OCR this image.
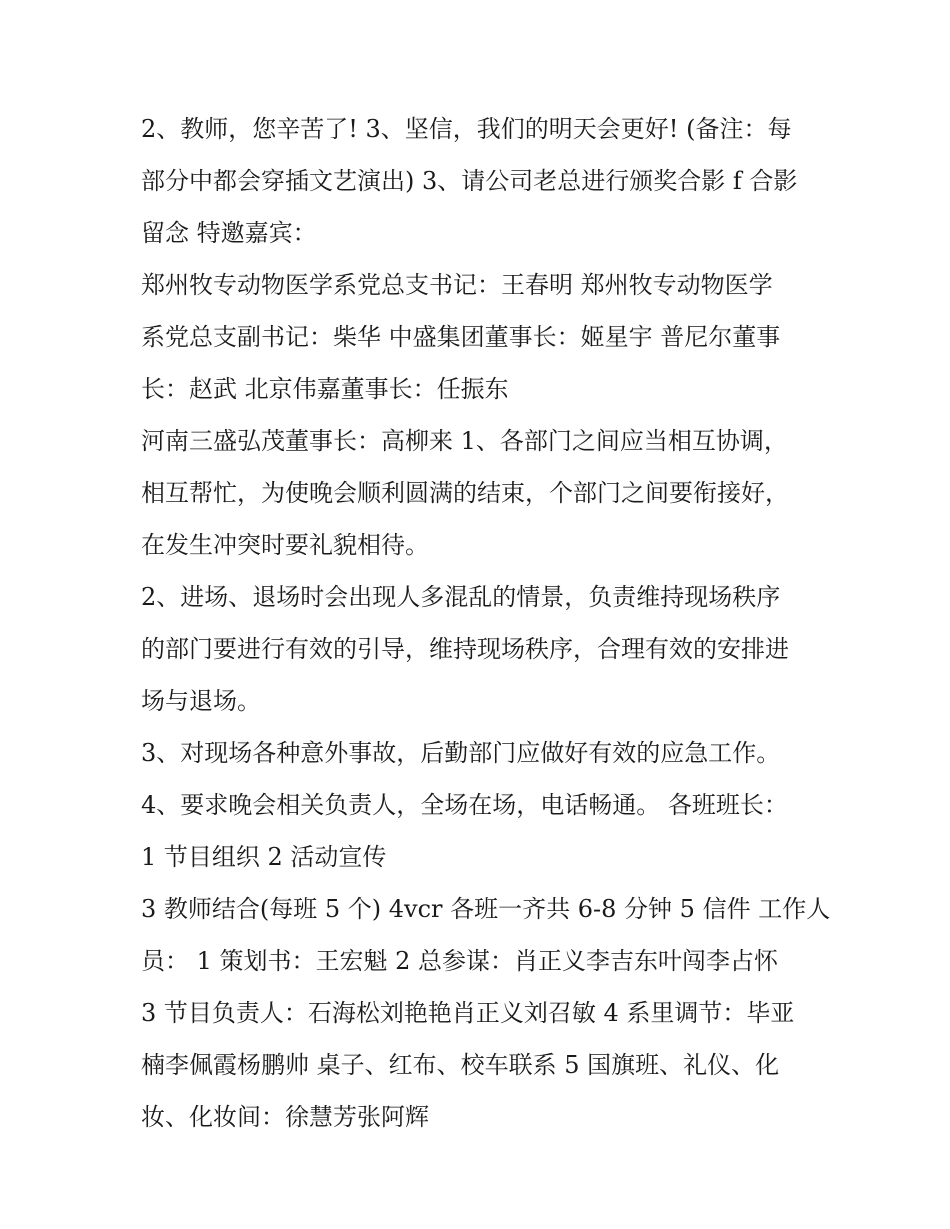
2、教师，您辛苦了! 3、坚信，我们的明天会更好! (备注：每
部分中都会穿插文艺演出) 3、请公司老总进行颁奖合影 f 合影
留念 特邀嘉宾：
郑州牧专动物医学系党总支书记：王春明 郑州牧专动物医学
系党总支副书记：柴华 中盛集团董事长：姬星宇 普尼尔董事
长：赵武 北京伟嘉董事长：任振东
河南三盛弘茂董事长：高柳来 1、各部门之间应当相互协调，
相互帮忙，为使晚会顺利圆满的结束，个部门之间要衔接好，
在发生冲突时要礼貌相待。
2、进场、退场时会出现人多混乱的情景，负责维持现场秩序
的部门要进行有效的引导，维持现场秩序，合理有效的安排进
场与退场。
3、对现场各种意外事故，后勤部门应做好有效的应急工作。
4、要求晚会相关负责人，全场在场，电话畅通。 各班班长：
1 节目组织 2 活动宣传
3 教师结合(每班 5 个) 4vcr 各班一齐共 6-8 分钟 5 信件 工作人
员： 1 策划书：王宏魁 2 总参谋：肖正义李吉东叶闯李占怀
3 节目负责人：石海松刘艳艳肖正义刘召敏 4 系里调节：毕亚
楠李佩霞杨鹏帅 桌子、红布、校车联系 5 国旗班、礼仪、化
妆、化妆间：徐慧芳张阿辉
